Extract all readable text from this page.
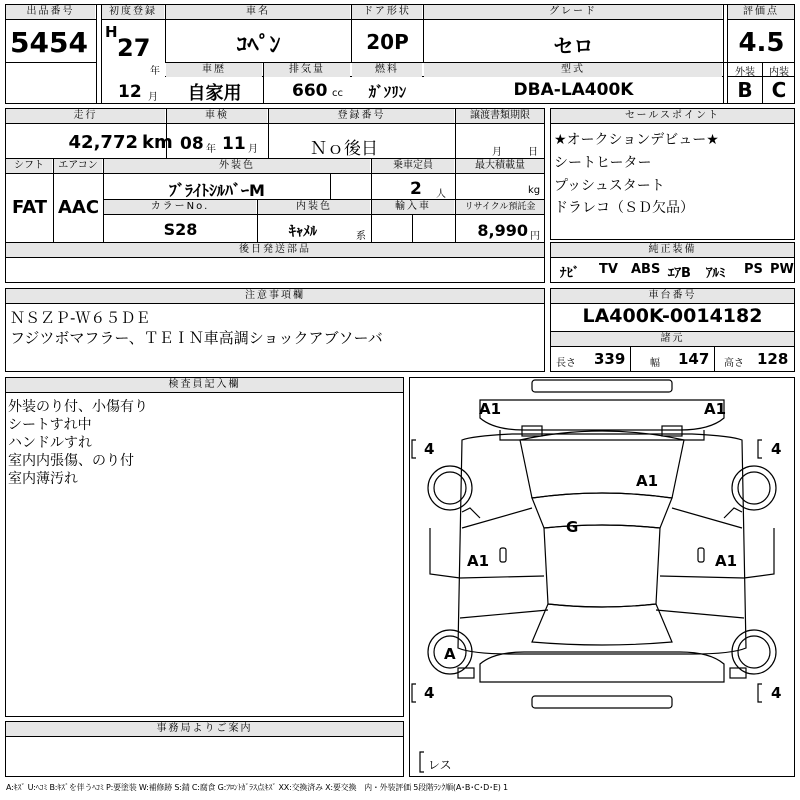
出品番号
5454
初度登録
H
27
年
12 月
車名
ｺﾍﾟﾝ
ドア形状
20P
グレード
セロ
評価点
4.5
外装	内装
B C
車歴
自家用
排気量
660 cc
燃料
ｶﾞｿﾘﾝ
型式
DBA-LA400K
走行
42,772 km
車検
08 年 11 月
登録番号
Ｎｏ後日
譲渡書類期限
月	日
シフト
FAT
エアコン
AAC
外装色
ﾌﾞﾗｲﾄｼﾙﾊﾞｰM
乗車定員
2 人
最大積載量
kg
カラーNo.
S28
内装色
ｷｬﾒﾙ	系
輸入車	リサイクル預託金
8,990 円
後日発送部品
セールスポイント
★オークションデビュー★
シートヒーター
プッシュスタート
ドラレコ（ＳＤ欠品）
純正装備
ﾅﾋﾞ TV ABS ｴｱB ｱﾙﾐ PS PW
注意事項欄
ＮＳＺＰ-Ｗ６５ＤＥ
フジツボマフラー、ＴＥＩＮ車高調ショックアブソーバ
車台番号
LA400K-0014182
諸元
長さ 339 幅 147 高さ 128
検査員記入欄
外装のり付、小傷有り
シートすれ中
ハンドルすれ
室内内張傷、のり付
室内薄汚れ
事務局よりご案内
A1	A1
A1
G
A1	A1
A
4	4
4	4
レス
A:ｷｽﾞ U:ﾍｺﾐ B:ｷｽﾞを伴うﾍｺﾐ P:要塗装 W:補修跡 S:錆 C:腐食 G:ﾌﾛﾝﾄｶﾞﾗｽ点ｷｽﾞ XX:交換済み X:要交換　内・外装評価 5段階ﾗﾝｸ順(A･B･C･D･E) 1
